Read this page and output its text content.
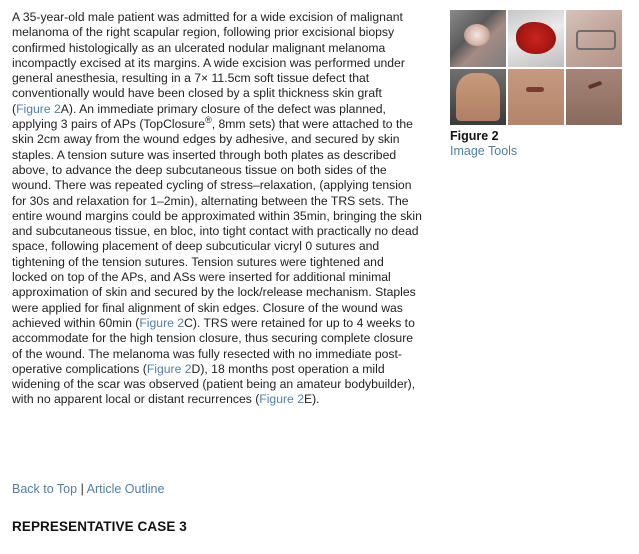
A 35-year-old male patient was admitted for a wide excision of malignant melanoma of the right scapular region, following prior excisional biopsy confirmed histologically as an ulcerated nodular malignant melanoma incompactly excised at its margins. A wide excision was performed under general anesthesia, resulting in a 7× 11.5cm soft tissue defect that conventionally would have been closed by a split thickness skin graft (Figure 2A). An immediate primary closure of the defect was planned, applying 3 pairs of APs (TopClosure®, 8mm sets) that were attached to the skin 2cm away from the wound edges by adhesive, and secured by skin staples. A tension suture was inserted through both plates as described above, to advance the deep subcutaneous tissue on both sides of the wound. There was repeated cycling of stress–relaxation, (applying tension for 30s and relaxation for 1–2min), alternating between the TRS sets. The entire wound margins could be approximated within 35min, bringing the skin and subcutaneous tissue, en bloc, into tight contact with practically no dead space, following placement of deep subcuticular vicryl 0 sutures and tightening of the tension sutures. Tension sutures were tightened and locked on top of the APs, and ASs were inserted for additional minimal approximation of skin and secured by the lock/release mechanism. Staples were applied for final alignment of skin edges. Closure of the wound was achieved within 60min (Figure 2C). TRS were retained for up to 4 weeks to accommodate for the high tension closure, thus securing complete closure of the wound. The melanoma was fully resected with no immediate post-operative complications (Figure 2D), 18 months post operation a mild widening of the scar was observed (patient being an amateur bodybuilder), with no apparent local or distant recurrences (Figure 2E).

Figure 2
Image Tools
Back to Top | Article Outline
REPRESENTATIVE CASE 3
